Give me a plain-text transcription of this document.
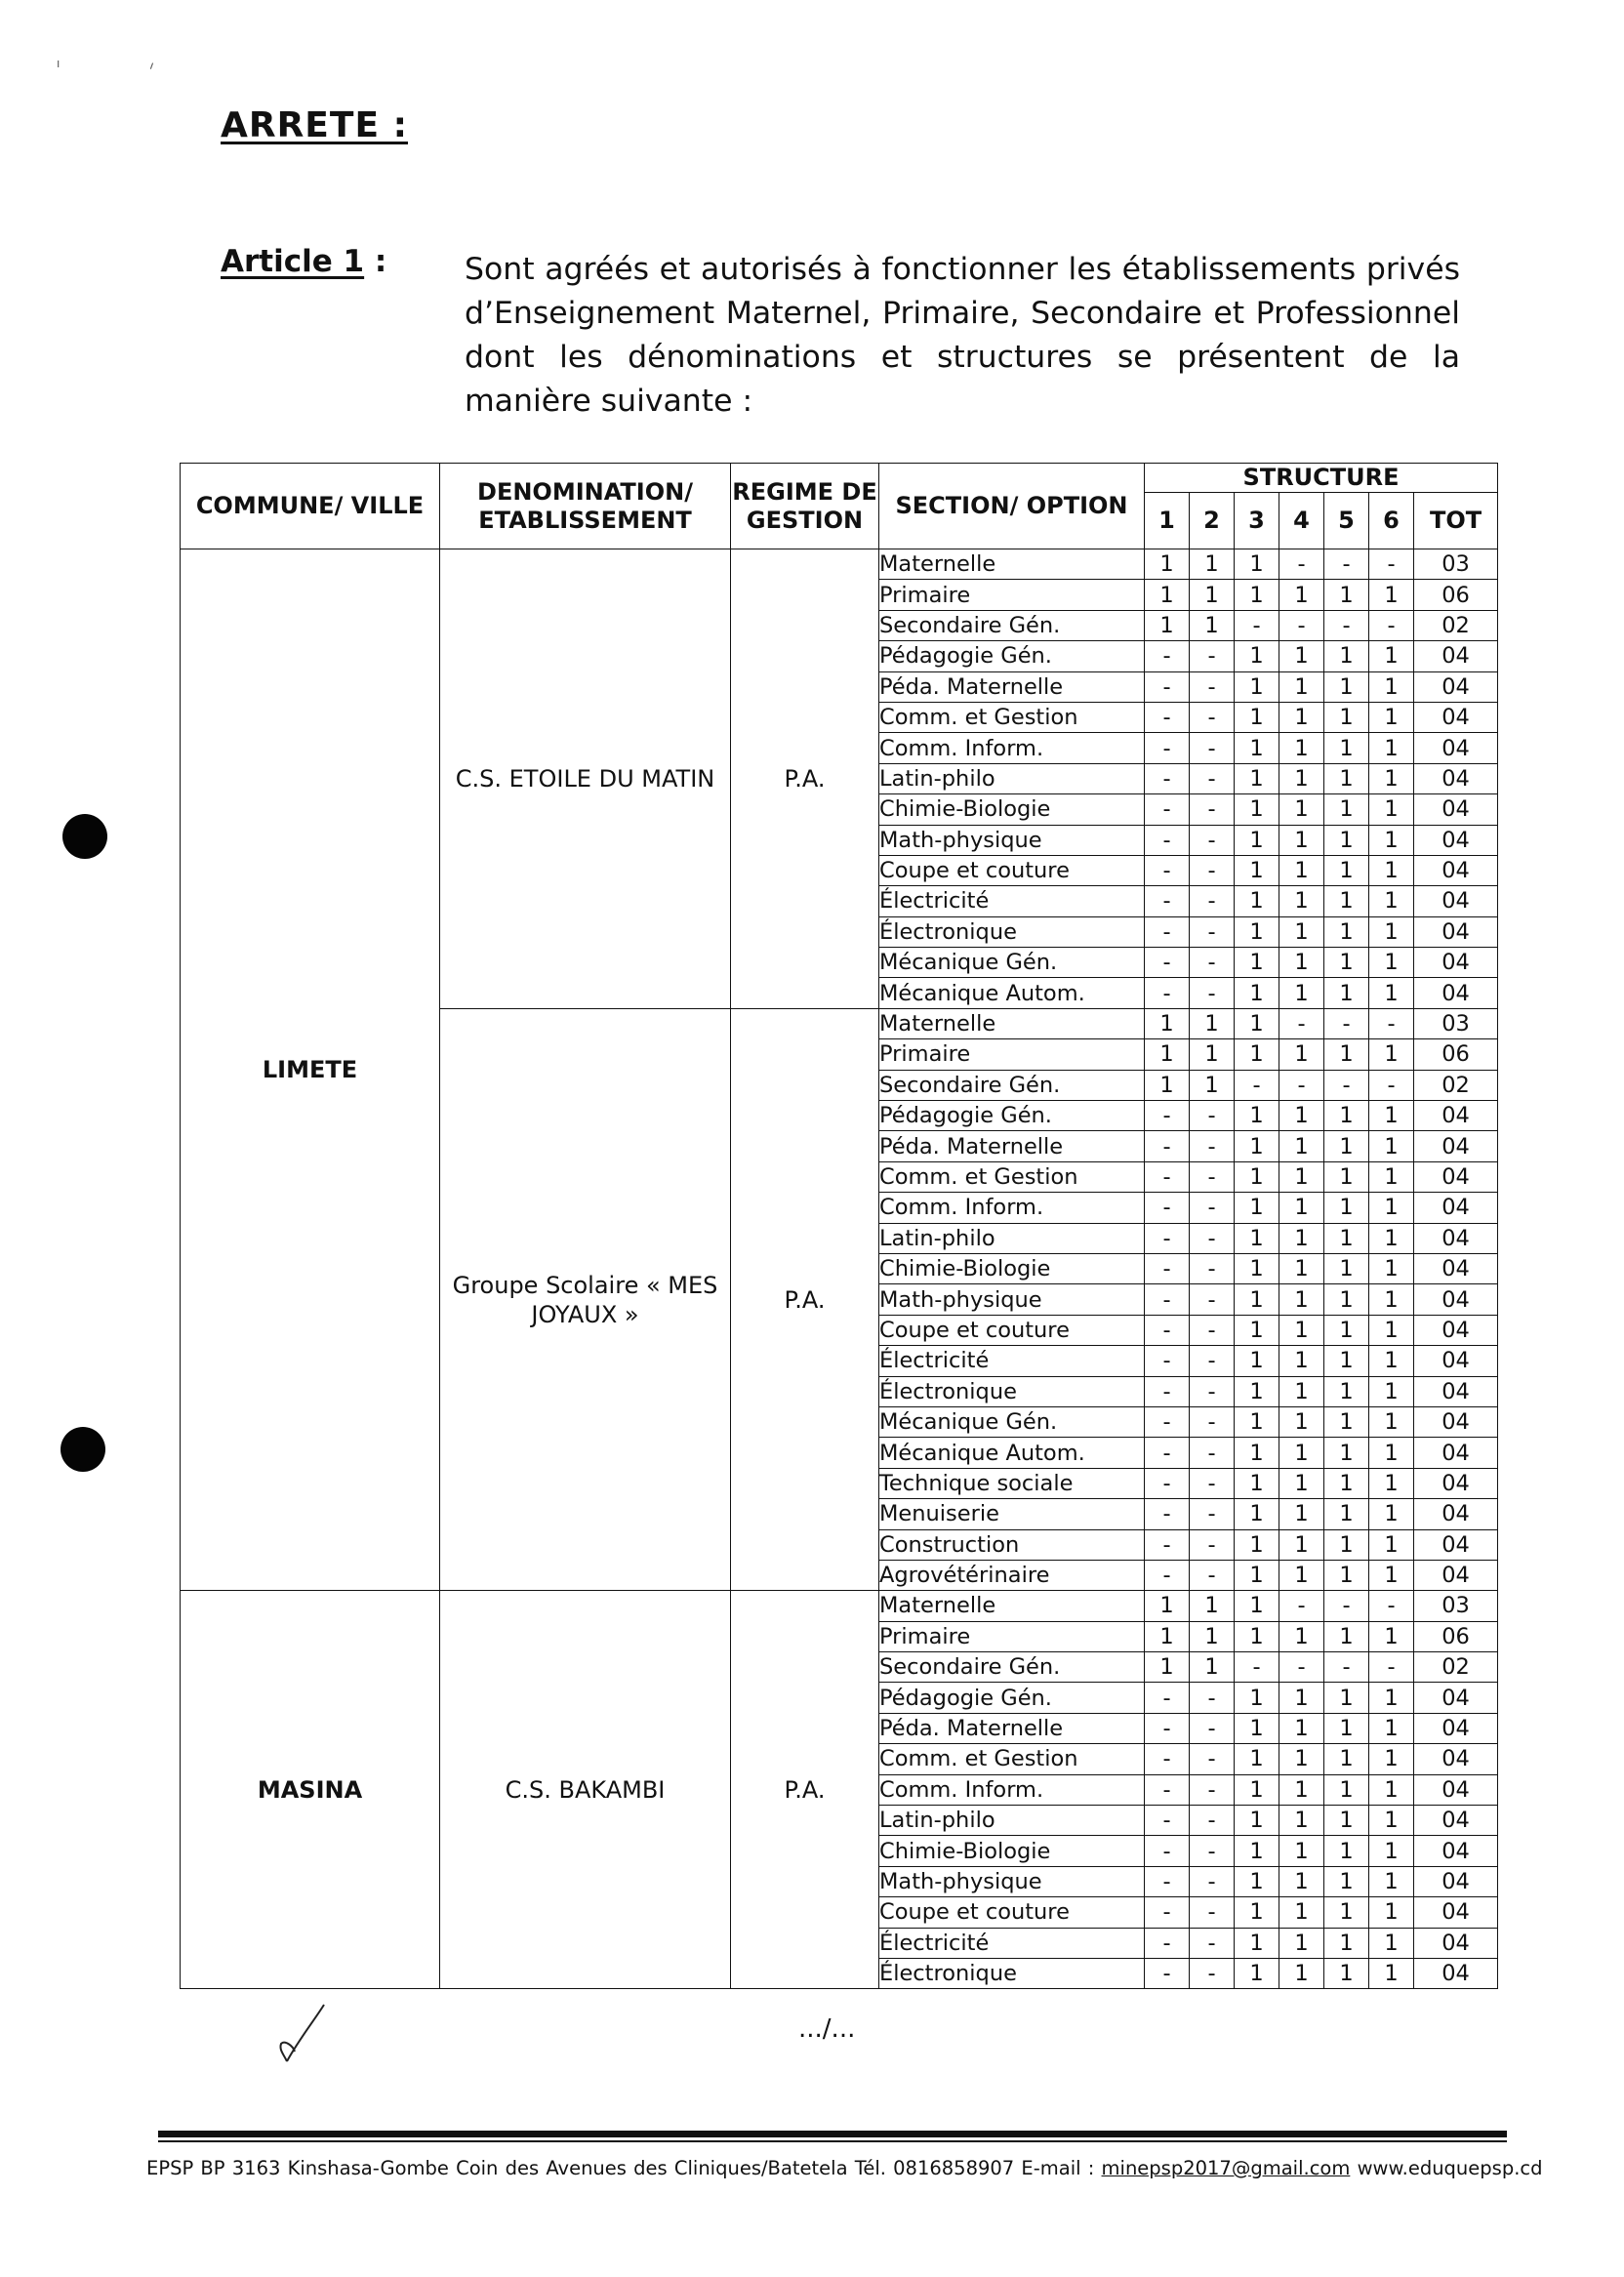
ı	ı
ARRETE :
Article 1 :	Sont agréés et autorisés à fonctionner les établissements privés d’Enseignement Maternel, Primaire, Secondaire et Professionnel dont les dénominations et structures se présentent de la manière suivante :
COMMUNE/ VILLE	DENOMINATION/ ETABLISSEMENT	REGIME DE GESTION	SECTION/ OPTION	STRUCTURE						
				1	2	3	4	5	6	TOT
LIMETE	C.S. ETOILE DU MATIN	P.A.	Maternelle	1	1	1	-	-	-	03
			Primaire	1	1	1	1	1	1	06
			Secondaire Gén.	1	1	-	-	-	-	02
			Pédagogie Gén.	-	-	1	1	1	1	04
			Péda. Maternelle	-	-	1	1	1	1	04
			Comm. et Gestion	-	-	1	1	1	1	04
			Comm. Inform.	-	-	1	1	1	1	04
			Latin-philo	-	-	1	1	1	1	04
			Chimie-Biologie	-	-	1	1	1	1	04
			Math-physique	-	-	1	1	1	1	04
			Coupe et couture	-	-	1	1	1	1	04
			Électricité	-	-	1	1	1	1	04
			Électronique	-	-	1	1	1	1	04
			Mécanique Gén.	-	-	1	1	1	1	04
			Mécanique Autom.	-	-	1	1	1	1	04
	Groupe Scolaire « MES JOYAUX »	P.A.	Maternelle	1	1	1	-	-	-	03
			Primaire	1	1	1	1	1	1	06
			Secondaire Gén.	1	1	-	-	-	-	02
			Pédagogie Gén.	-	-	1	1	1	1	04
			Péda. Maternelle	-	-	1	1	1	1	04
			Comm. et Gestion	-	-	1	1	1	1	04
			Comm. Inform.	-	-	1	1	1	1	04
			Latin-philo	-	-	1	1	1	1	04
			Chimie-Biologie	-	-	1	1	1	1	04
			Math-physique	-	-	1	1	1	1	04
			Coupe et couture	-	-	1	1	1	1	04
			Électricité	-	-	1	1	1	1	04
			Électronique	-	-	1	1	1	1	04
			Mécanique Gén.	-	-	1	1	1	1	04
			Mécanique Autom.	-	-	1	1	1	1	04
			Technique sociale	-	-	1	1	1	1	04
			Menuiserie	-	-	1	1	1	1	04
			Construction	-	-	1	1	1	1	04
			Agrovétérinaire	-	-	1	1	1	1	04
MASINA	C.S. BAKAMBI	P.A.	Maternelle	1	1	1	-	-	-	03
			Primaire	1	1	1	1	1	1	06
			Secondaire Gén.	1	1	-	-	-	-	02
			Pédagogie Gén.	-	-	1	1	1	1	04
			Péda. Maternelle	-	-	1	1	1	1	04
			Comm. et Gestion	-	-	1	1	1	1	04
			Comm. Inform.	-	-	1	1	1	1	04
			Latin-philo	-	-	1	1	1	1	04
			Chimie-Biologie	-	-	1	1	1	1	04
			Math-physique	-	-	1	1	1	1	04
			Coupe et couture	-	-	1	1	1	1	04
			Électricité	-	-	1	1	1	1	04
			Électronique	-	-	1	1	1	1	04
.../...
EPSP BP 3163 Kinshasa-Gombe Coin des Avenues des Cliniques/Batetela Tél. 0816858907 E-mail : minepsp2017@gmail.com www.eduquepsp.cd
